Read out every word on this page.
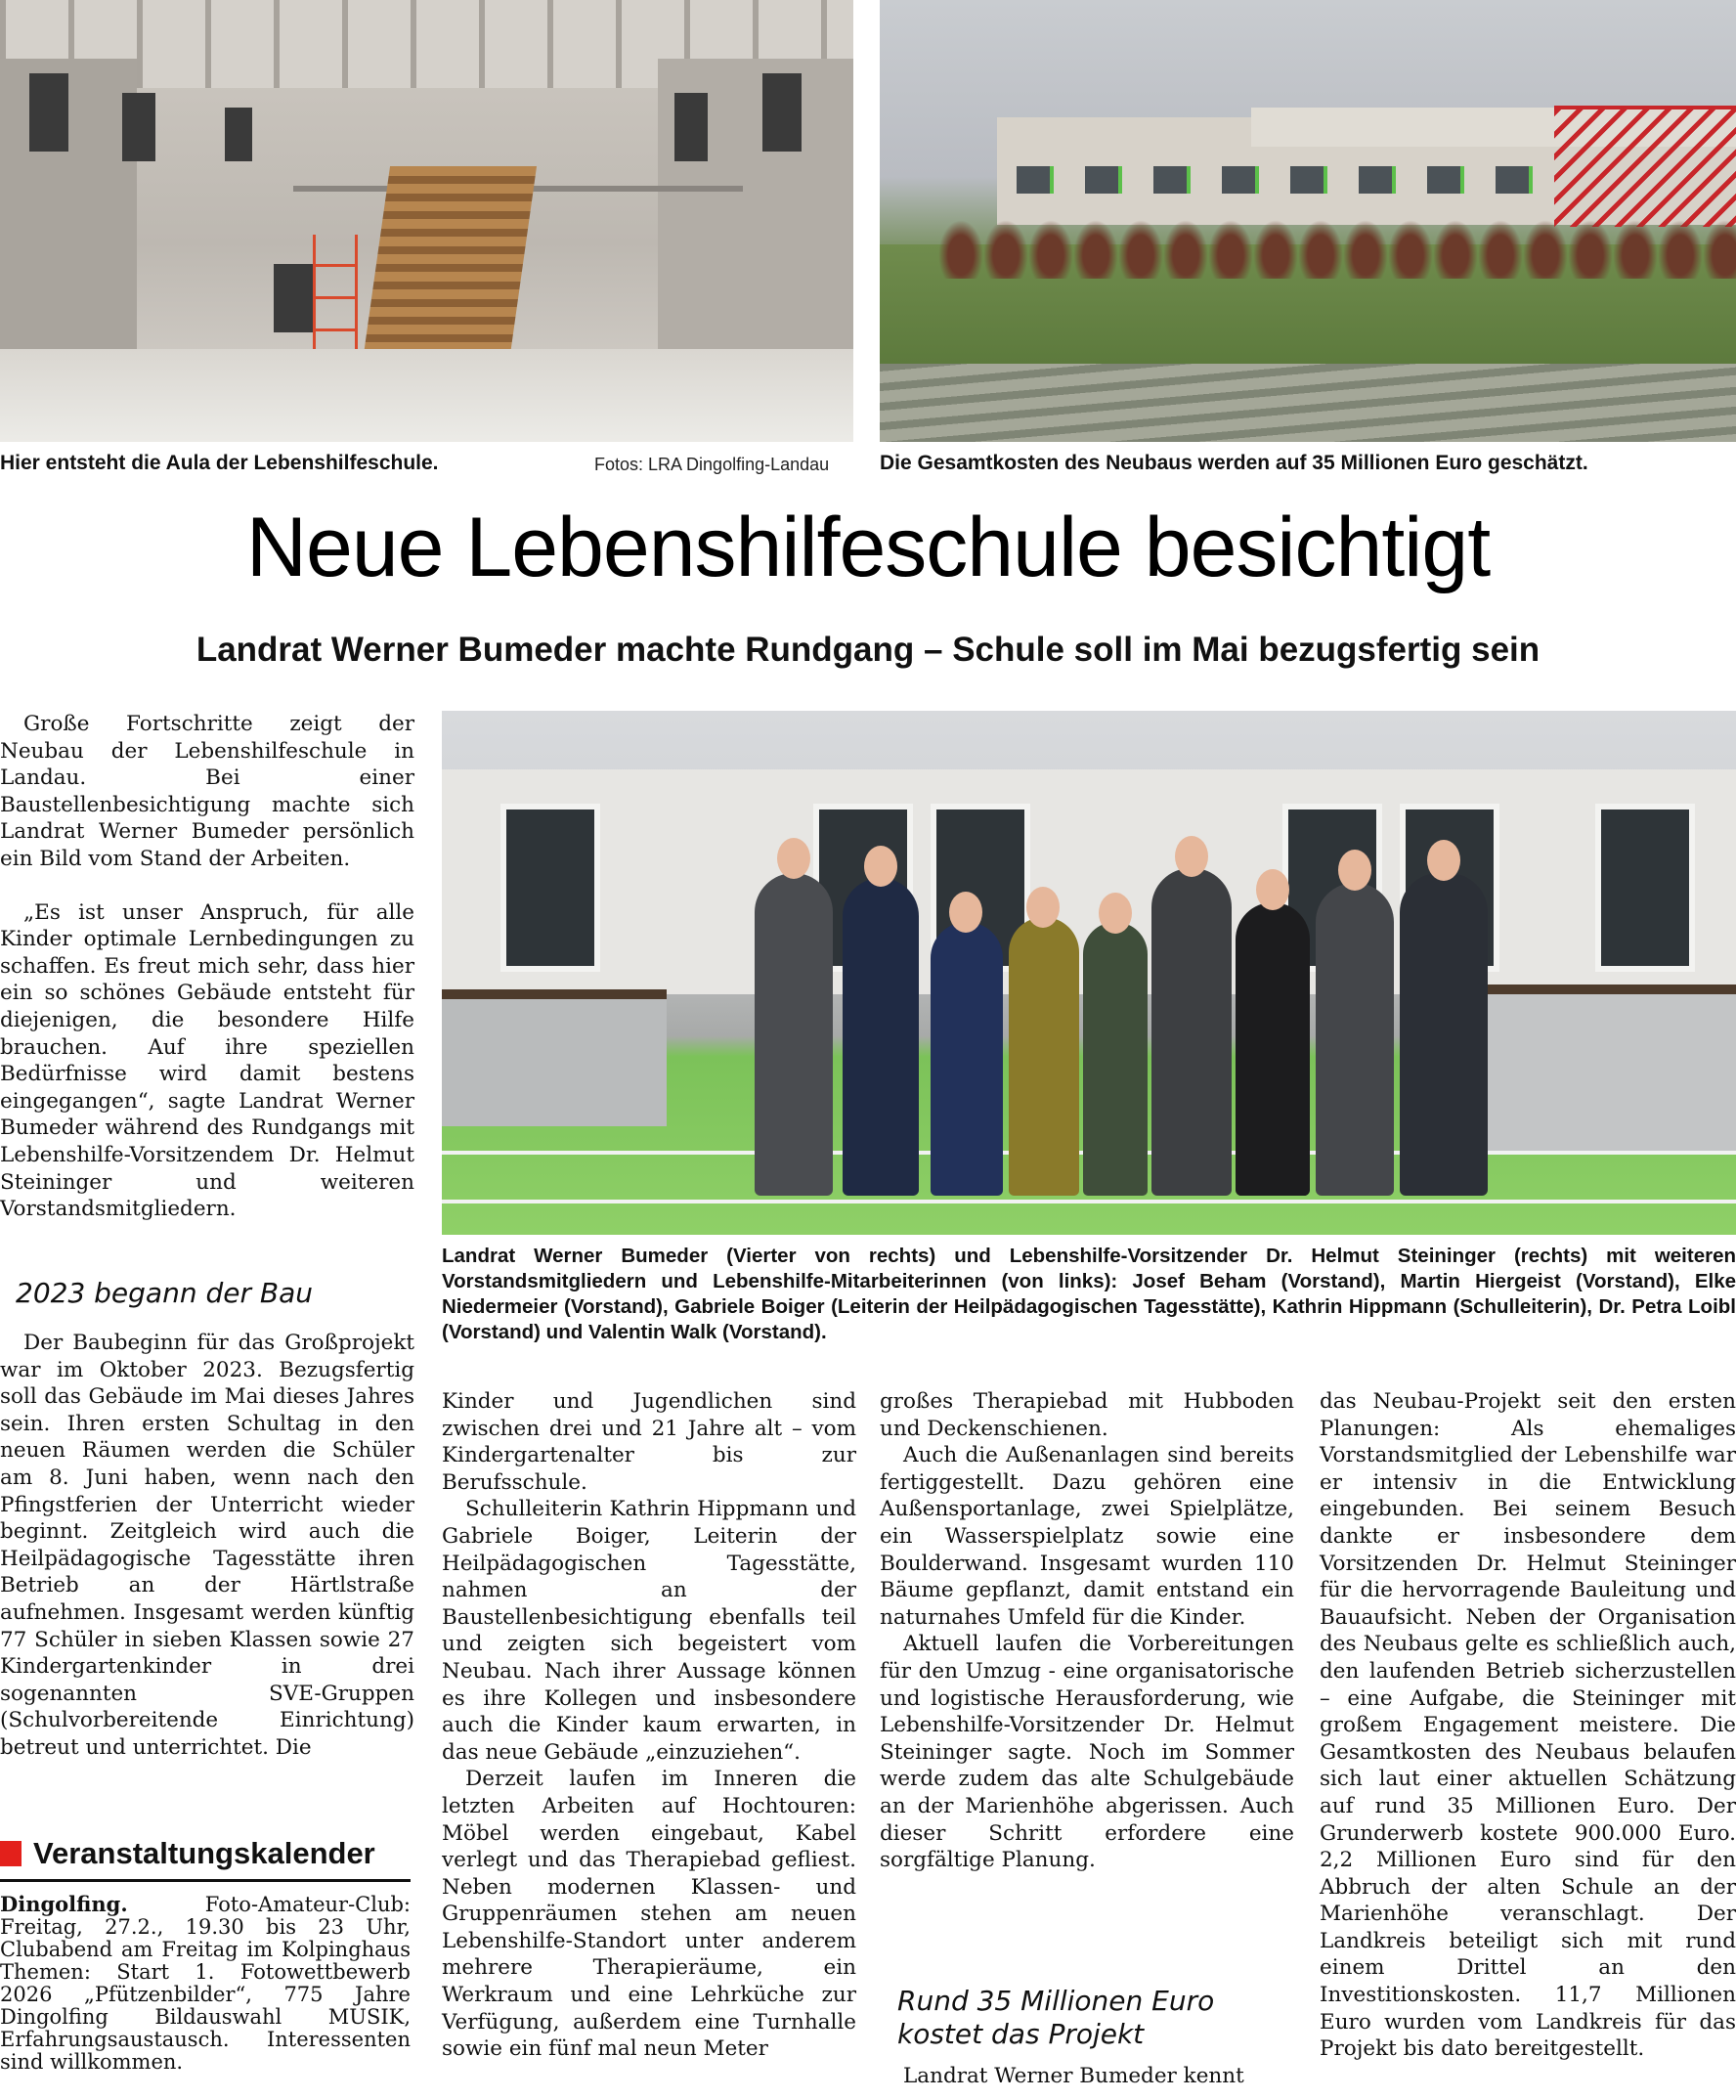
Hier entsteht die Aula der Lebenshilfeschule.	Fotos: LRA Dingolfing-Landau Die Gesamtkosten des Neubaus werden auf 35 Millionen Euro geschätzt.
Neue Lebenshilfeschule besichtigt
Landrat Werner Bumeder machte Rundgang – Schule soll im Mai bezugsfertig sein
Landrat Werner Bumeder (Vierter von rechts) und Lebenshilfe-Vorsitzender Dr. Helmut Steininger (rechts) mit weiteren Vorstandsmitgliedern und Lebenshilfe-Mitarbeiterinnen (von links): Josef Beham (Vorstand), Martin Hiergeist (Vorstand), Elke Niedermeier (Vorstand), Gabriele Boiger (Leiterin der Heilpädagogischen Tagesstätte), Kathrin Hippmann (Schulleiterin), Dr. Petra Loibl (Vorstand) und Valentin Walk (Vorstand).

Große Fortschritte zeigt der Neubau der Lebenshilfeschule in Landau. Bei einer Baustellenbesichtigung machte sich Landrat Werner Bumeder persönlich ein Bild vom Stand der Arbeiten.

„Es ist unser Anspruch, für alle Kinder optimale Lernbedingungen zu schaffen. Es freut mich sehr, dass hier ein so schönes Gebäude entsteht für diejenigen, die besondere Hilfe brauchen. Auf ihre speziellen Bedürfnisse wird damit bestens eingegangen“, sagte Landrat Werner Bumeder während des Rundgangs mit Lebenshilfe-Vorsitzendem Dr. Helmut Steininger und weiteren Vorstandsmitgliedern.

2023 begann der Bau

Der Baubeginn für das Großprojekt war im Oktober 2023. Bezugsfertig soll das Gebäude im Mai dieses Jahres sein. Ihren ersten Schultag in den neuen Räumen werden die Schüler am 8. Juni haben, wenn nach den Pfingstferien der Unterricht wieder beginnt. Zeitgleich wird auch die Heilpädagogische Tagesstätte ihren Betrieb an der Härtlstraße aufnehmen. Insgesamt werden künftig 77 Schüler in sieben Klassen sowie 27 Kindergartenkinder in drei sogenannten SVE-Gruppen (Schulvorbereitende Einrichtung) betreut und unterrichtet. Die

Veranstaltungskalender
Dingolfing.	Foto-Amateur-Club: Freitag, 27.2., 19.30 bis 23 Uhr, Clubabend am Freitag im Kolpinghaus Themen: Start 1. Fotowettbewerb 2026 „Pfützenbilder“, 775 Jahre Dingolfing Bildauswahl MUSIK, Erfahrungsaustausch. Interessenten sind willkommen.

Kinder und Jugendlichen sind zwischen drei und 21 Jahre alt – vom Kindergartenalter bis zur Berufsschule.

Schulleiterin Kathrin Hippmann und Gabriele Boiger, Leiterin der Heilpädagogischen Tagesstätte, nahmen an der Baustellenbesichtigung ebenfalls teil und zeigten sich begeistert vom Neubau. Nach ihrer Aussage können es ihre Kollegen und insbesondere auch die Kinder kaum erwarten, in das neue Gebäude „einzuziehen“.

Derzeit laufen im Inneren die letzten Arbeiten auf Hochtouren: Möbel werden eingebaut, Kabel verlegt und das Therapiebad gefliest. Neben modernen Klassen- und Gruppenräumen stehen am neuen Lebenshilfe-Standort unter anderem mehrere Therapieräume, ein Werkraum und eine Lehrküche zur Verfügung, außerdem eine Turnhalle sowie ein fünf mal neun Meter

großes Therapiebad mit Hubboden und Deckenschienen.

Auch die Außenanlagen sind bereits fertiggestellt. Dazu gehören eine Außensportanlage, zwei Spielplätze, ein Wasserspielplatz sowie eine Boulderwand. Insgesamt wurden 110 Bäume gepflanzt, damit entstand ein naturnahes Umfeld für die Kinder.

Aktuell laufen die Vorbereitungen für den Umzug - eine organisatorische und logistische Herausforderung, wie Lebenshilfe-Vorsitzender Dr. Helmut Steininger sagte. Noch im Sommer werde zudem das alte Schulgebäude an der Marienhöhe abgerissen. Auch dieser Schritt erfordere eine sorgfältige Planung.

Rund 35 Millionen Euro kostet das Projekt

Landrat Werner Bumeder kennt

das Neubau-Projekt seit den ersten Planungen: Als ehemaliges Vorstandsmitglied der Lebenshilfe war er intensiv in die Entwicklung eingebunden. Bei seinem Besuch dankte er insbesondere dem Vorsitzenden Dr. Helmut Steininger für die hervorragende Bauleitung und Bauaufsicht. Neben der Organisation des Neubaus gelte es schließlich auch, den laufenden Betrieb sicherzustellen – eine Aufgabe, die Steininger mit großem Engagement meistere. Die Gesamtkosten des Neubaus belaufen sich laut einer aktuellen Schätzung auf rund 35 Millionen Euro. Der Grunderwerb kostete 900.000 Euro. 2,2 Millionen Euro sind für den Abbruch der alten Schule an der Marienhöhe veranschlagt. Der Landkreis beteiligt sich mit rund einem Drittel an den Investitionskosten. 11,7 Millionen Euro wurden vom Landkreis für das Projekt bis dato bereitgestellt.
